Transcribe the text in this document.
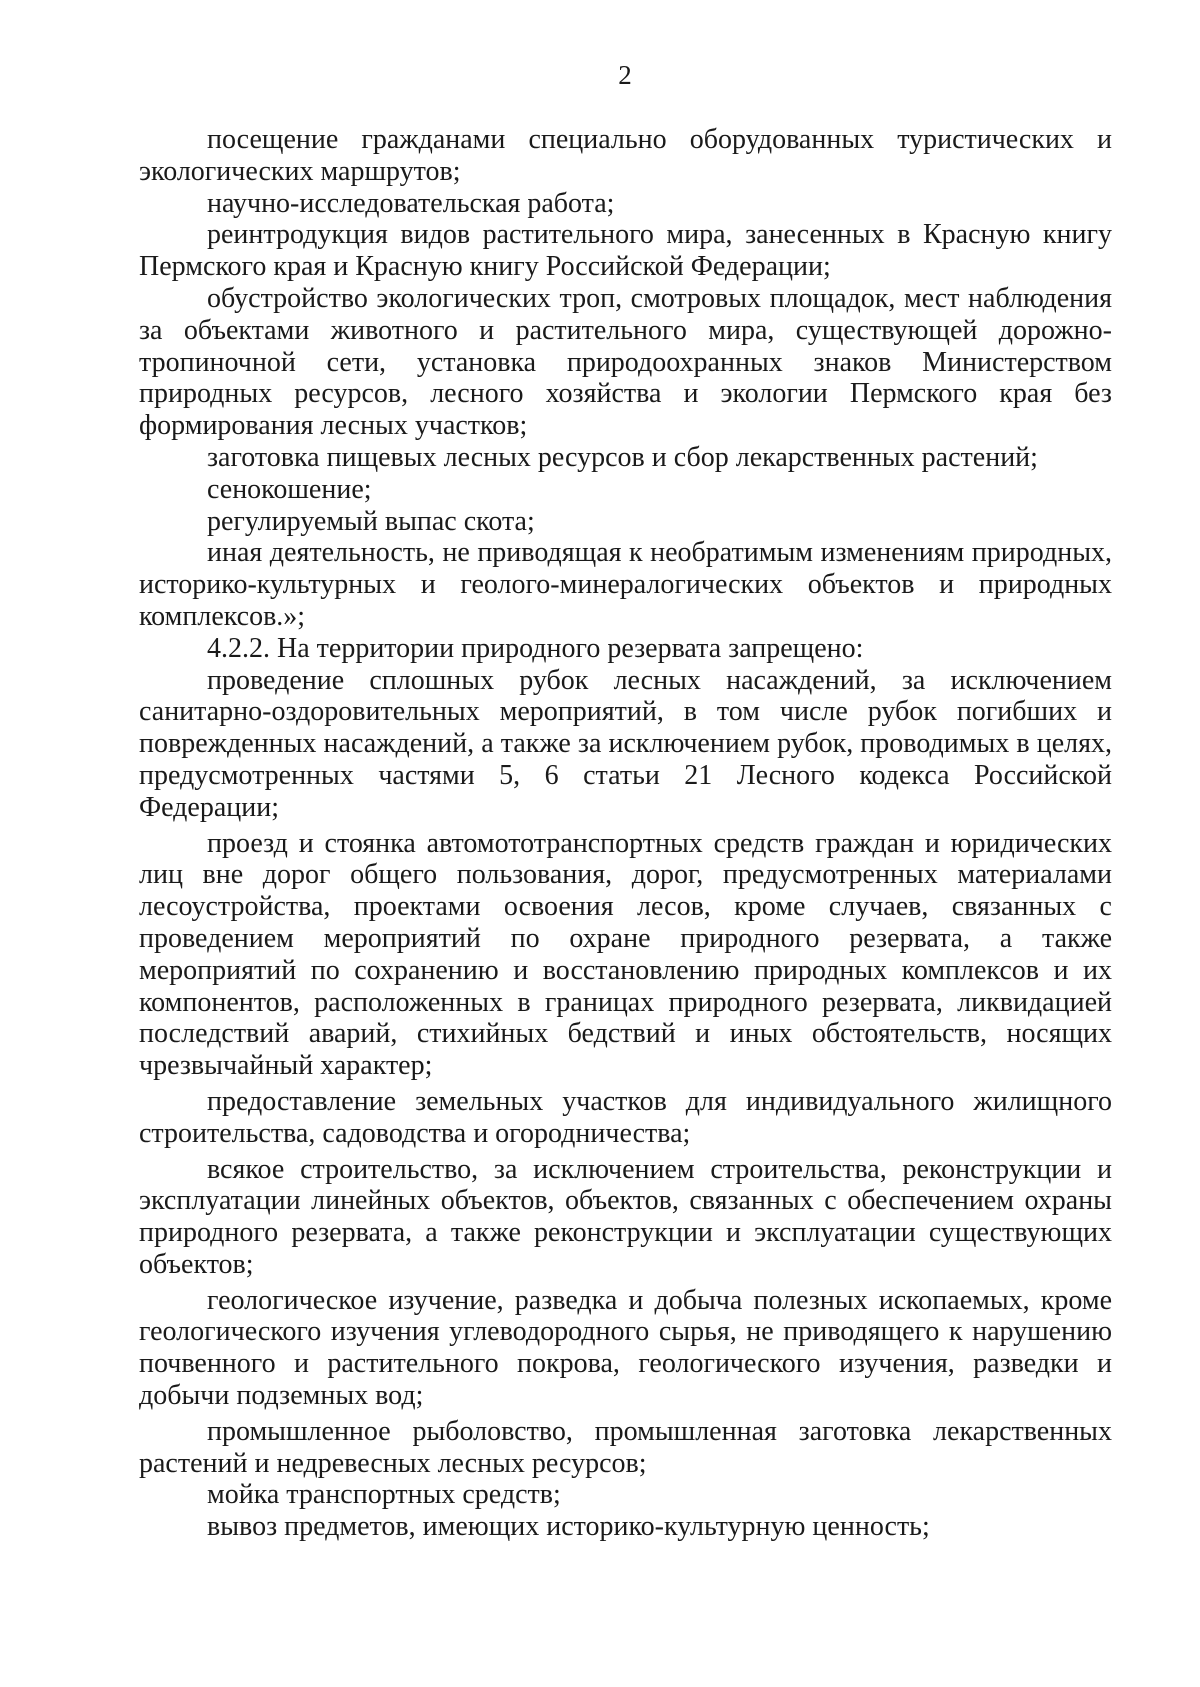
2

посещение гражданами специально оборудованных туристических и экологических маршрутов;

научно-исследовательская работа;

реинтродукция видов растительного мира, занесенных в Красную книгу Пермского края и Красную книгу Российской Федерации;

обустройство экологических троп, смотровых площадок, мест наблюдения за объектами животного и растительного мира, существующей дорожно-тропиночной сети, установка природоохранных знаков Министерством природных ресурсов, лесного хозяйства и экологии Пермского края без формирования лесных участков;

заготовка пищевых лесных ресурсов и сбор лекарственных растений;

сенокошение;

регулируемый выпас скота;

иная деятельность, не приводящая к необратимым изменениям природных, историко-культурных и геолого-минералогических объектов и природных комплексов.»;

4.2.2. На территории природного резервата запрещено:

проведение сплошных рубок лесных насаждений, за исключением санитарно-оздоровительных мероприятий, в том числе рубок погибших и поврежденных насаждений, а также за исключением рубок, проводимых в целях, предусмотренных частями 5, 6 статьи 21 Лесного кодекса Российской Федерации;

проезд и стоянка автомототранспортных средств граждан и юридических лиц вне дорог общего пользования, дорог, предусмотренных материалами лесоустройства, проектами освоения лесов, кроме случаев, связанных с проведением мероприятий по охране природного резервата, а также мероприятий по сохранению и восстановлению природных комплексов и их компонентов, расположенных в границах природного резервата, ликвидацией последствий аварий, стихийных бедствий и иных обстоятельств, носящих чрезвычайный характер;

предоставление земельных участков для индивидуального жилищного строительства, садоводства и огородничества;

всякое строительство, за исключением строительства, реконструкции и эксплуатации линейных объектов, объектов, связанных с обеспечением охраны природного резервата, а также реконструкции и эксплуатации существующих объектов;

геологическое изучение, разведка и добыча полезных ископаемых, кроме геологического изучения углеводородного сырья, не приводящего к нарушению почвенного и растительного покрова, геологического изучения, разведки и добычи подземных вод;

промышленное рыболовство, промышленная заготовка лекарственных растений и недревесных лесных ресурсов;

мойка транспортных средств;

вывоз предметов, имеющих историко-культурную ценность;
